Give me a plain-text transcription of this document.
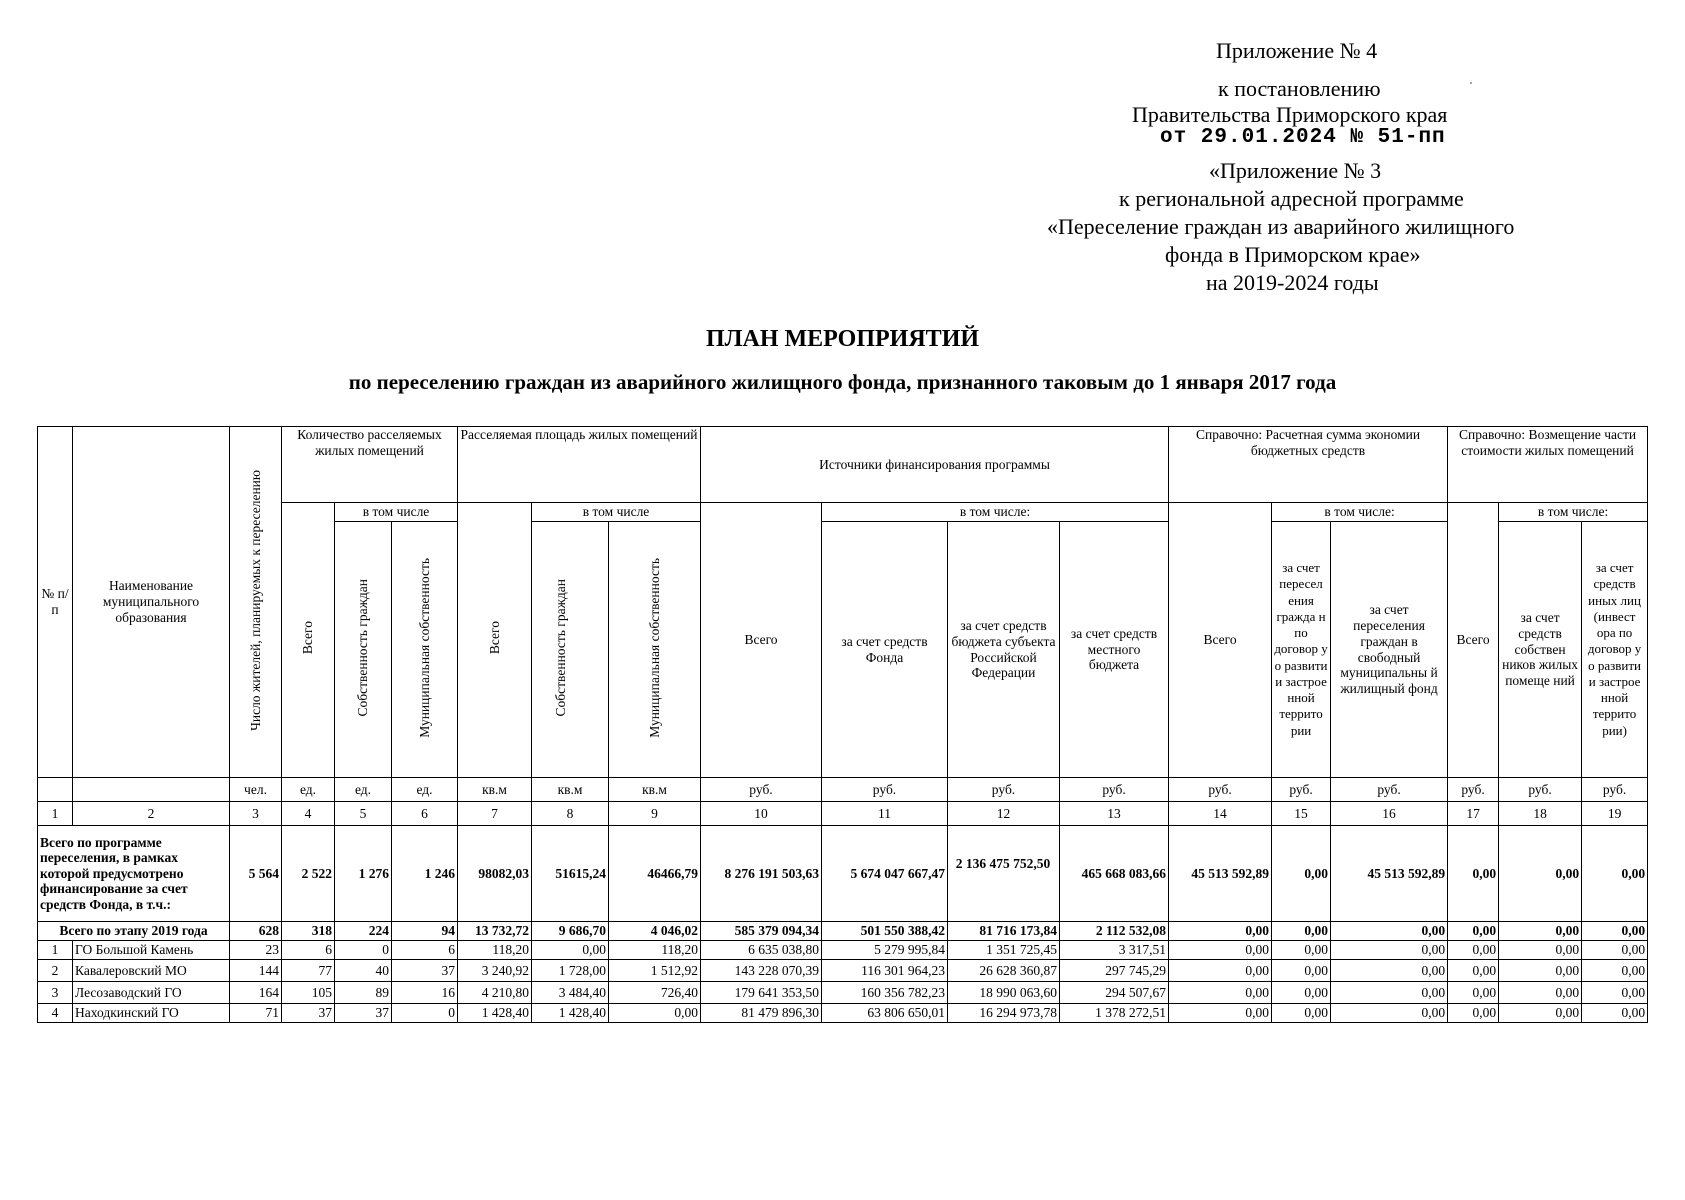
Приложение № 4
к постановлению
Правительства Приморского края
от 29.01.2024 № 51-пп
«Приложение № 3
к региональной адресной программе
«Переселение граждан из аварийного жилищного
фонда в Приморском крае»
на 2019-2024 годы
ПЛАН МЕРОПРИЯТИЙ
по переселению граждан из аварийного жилищного фонда, признанного таковым до 1 января 2017 года
№ п/п	Наименование муниципального образования	Число жителей, планируемых к переселению	Количество расселяемых жилых помещений			Расселяемая площадь жилых помещений			Источники финансирования программы				Справочно: Расчетная сумма экономии бюджетных средств			Справочно: Возмещение части стоимости жилых помещений		
			Всего	в том числе		Всего	в том числе		Всего	в том числе:			Всего	в том числе:		Всего	в том числе:	
				Собственность граждан	Муниципальная собственность		Собственность граждан	Муниципальная собственность		за счет средств Фонда	за счет средств бюджета субъекта Российской Федерации	за счет средств местного бюджета		за счет пересел ения гражда н по договор у о развити и застрое нной террито рии	за счет переселения граждан в свободный муниципальны й жилищный фонд		за счет средств собствен ников жилых помеще ний	за счет средств иных лиц (инвест ора по договор у о развити и застрое нной террито рии)
		чел.	ед.	ед.	ед.	кв.м	кв.м	кв.м	руб.	руб.	руб.	руб.	руб.	руб.	руб.	руб.	руб.	руб.
1	2	3	4	5	6	7	8	9	10	11	12	13	14	15	16	17	18	19
Всего по программе переселения, в рамках которой предусмотрено финансирование за счет средств Фонда, в т.ч.:		5 564	2 522	1 276	1 246	98082,03	51615,24	46466,79	8 276 191 503,63	5 674 047 667,47	2 136 475 752,50	465 668 083,66	45 513 592,89	0,00	45 513 592,89	0,00	0,00	0,00
Всего по этапу 2019 года		628	318	224	94	13 732,72	9 686,70	4 046,02	585 379 094,34	501 550 388,42	81 716 173,84	2 112 532,08	0,00	0,00	0,00	0,00	0,00	0,00
1	ГО Большой Камень	23	6	0	6	118,20	0,00	118,20	6 635 038,80	5 279 995,84	1 351 725,45	3 317,51	0,00	0,00	0,00	0,00	0,00	0,00
2	Кавалеровский МО	144	77	40	37	3 240,92	1 728,00	1 512,92	143 228 070,39	116 301 964,23	26 628 360,87	297 745,29	0,00	0,00	0,00	0,00	0,00	0,00
3	Лесозаводский ГО	164	105	89	16	4 210,80	3 484,40	726,40	179 641 353,50	160 356 782,23	18 990 063,60	294 507,67	0,00	0,00	0,00	0,00	0,00	0,00
4	Находкинский ГО	71	37	37	0	1 428,40	1 428,40	0,00	81 479 896,30	63 806 650,01	16 294 973,78	1 378 272,51	0,00	0,00	0,00	0,00	0,00	0,00
